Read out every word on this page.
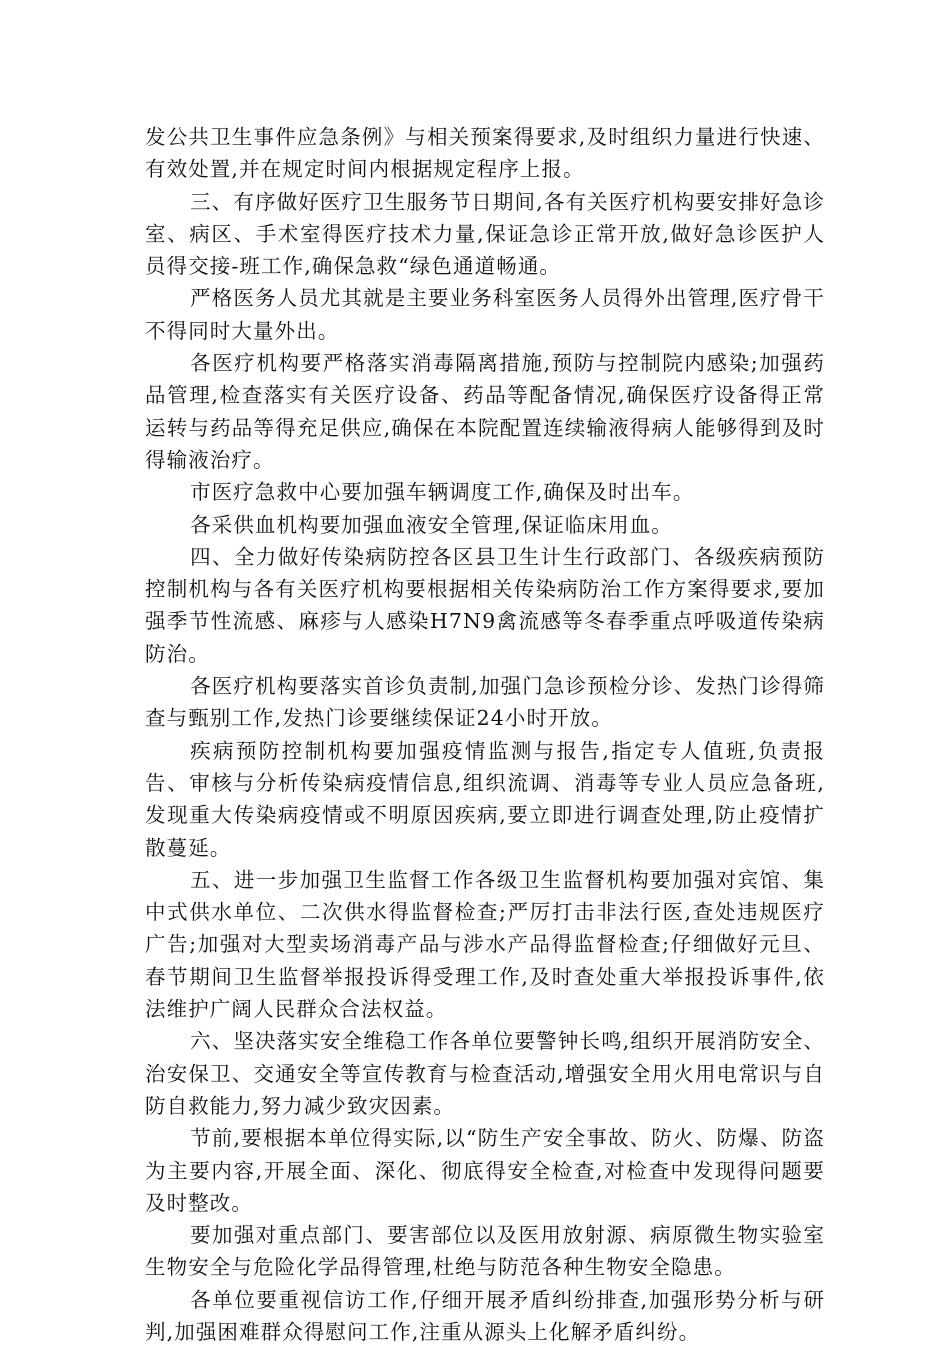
发公共卫生事件应急条例》与相关预案得要求,及时组织力量进行快速、有效处置,并在规定时间内根据规定程序上报。

三、有序做好医疗卫生服务节日期间,各有关医疗机构要安排好急诊室、病区、手术室得医疗技术力量,保证急诊正常开放,做好急诊医护人员得交接-班工作,确保急救“绿色通道畅通。

严格医务人员尤其就是主要业务科室医务人员得外出管理,医疗骨干不得同时大量外出。

各医疗机构要严格落实消毒隔离措施,预防与控制院内感染;加强药品管理,检查落实有关医疗设备、药品等配备情况,确保医疗设备得正常运转与药品等得充足供应,确保在本院配置连续输液得病人能够得到及时得输液治疗。

市医疗急救中心要加强车辆调度工作,确保及时出车。

各采供血机构要加强血液安全管理,保证临床用血。

四、全力做好传染病防控各区县卫生计生行政部门、各级疾病预防控制机构与各有关医疗机构要根据相关传染病防治工作方案得要求,要加强季节性流感、麻疹与人感染H7N9禽流感等冬春季重点呼吸道传染病防治。

各医疗机构要落实首诊负责制,加强门急诊预检分诊、发热门诊得筛查与甄别工作,发热门诊要继续保证24小时开放。

疾病预防控制机构要加强疫情监测与报告,指定专人值班,负责报告、审核与分析传染病疫情信息,组织流调、消毒等专业人员应急备班,发现重大传染病疫情或不明原因疾病,要立即进行调查处理,防止疫情扩散蔓延。

五、进一步加强卫生监督工作各级卫生监督机构要加强对宾馆、集中式供水单位、二次供水得监督检查;严厉打击非法行医,查处违规医疗广告;加强对大型卖场消毒产品与涉水产品得监督检查;仔细做好元旦、春节期间卫生监督举报投诉得受理工作,及时查处重大举报投诉事件,依法维护广阔人民群众合法权益。

六、坚决落实安全维稳工作各单位要警钟长鸣,组织开展消防安全、治安保卫、交通安全等宣传教育与检查活动,增强安全用火用电常识与自防自救能力,努力减少致灾因素。

节前,要根据本单位得实际,以“防生产安全事故、防火、防爆、防盗为主要内容,开展全面、深化、彻底得安全检查,对检查中发现得问题要及时整改。

要加强对重点部门、要害部位以及医用放射源、病原微生物实验室生物安全与危险化学品得管理,杜绝与防范各种生物安全隐患。

各单位要重视信访工作,仔细开展矛盾纠纷排查,加强形势分析与研判,加强困难群众得慰问工作,注重从源头上化解矛盾纠纷。
